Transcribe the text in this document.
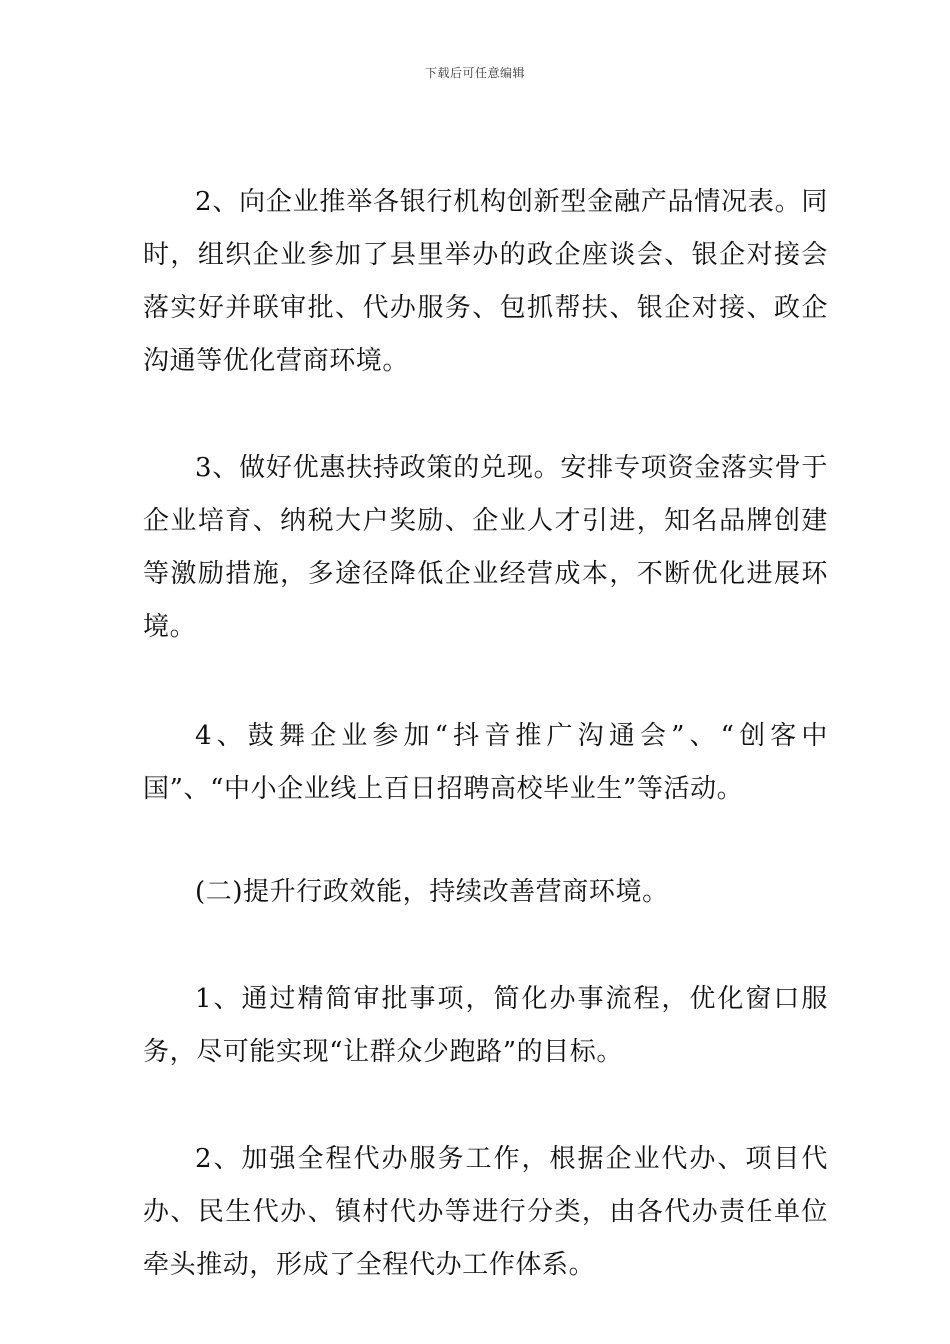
下载后可任意编辑

2、向企业推举各银行机构创新型金融产品情况表。同时，组织企业参加了县里举办的政企座谈会、银企对接会落实好并联审批、代办服务、包抓帮扶、银企对接、政企沟通等优化营商环境。

3、做好优惠扶持政策的兑现。安排专项资金落实骨于企业培育、纳税大户奖励、企业人才引进，知名品牌创建等激励措施，多途径降低企业经营成本，不断优化进展环境。

4、鼓舞企业参加“抖音推广沟通会”、“创客中国”、“中小企业线上百日招聘高校毕业生”等活动。

(二)提升行政效能，持续改善营商环境。

1、通过精简审批事项，简化办事流程，优化窗口服务，尽可能实现“让群众少跑路”的目标。

2、加强全程代办服务工作，根据企业代办、项目代办、民生代办、镇村代办等进行分类，由各代办责任单位牵头推动，形成了全程代办工作体系。
